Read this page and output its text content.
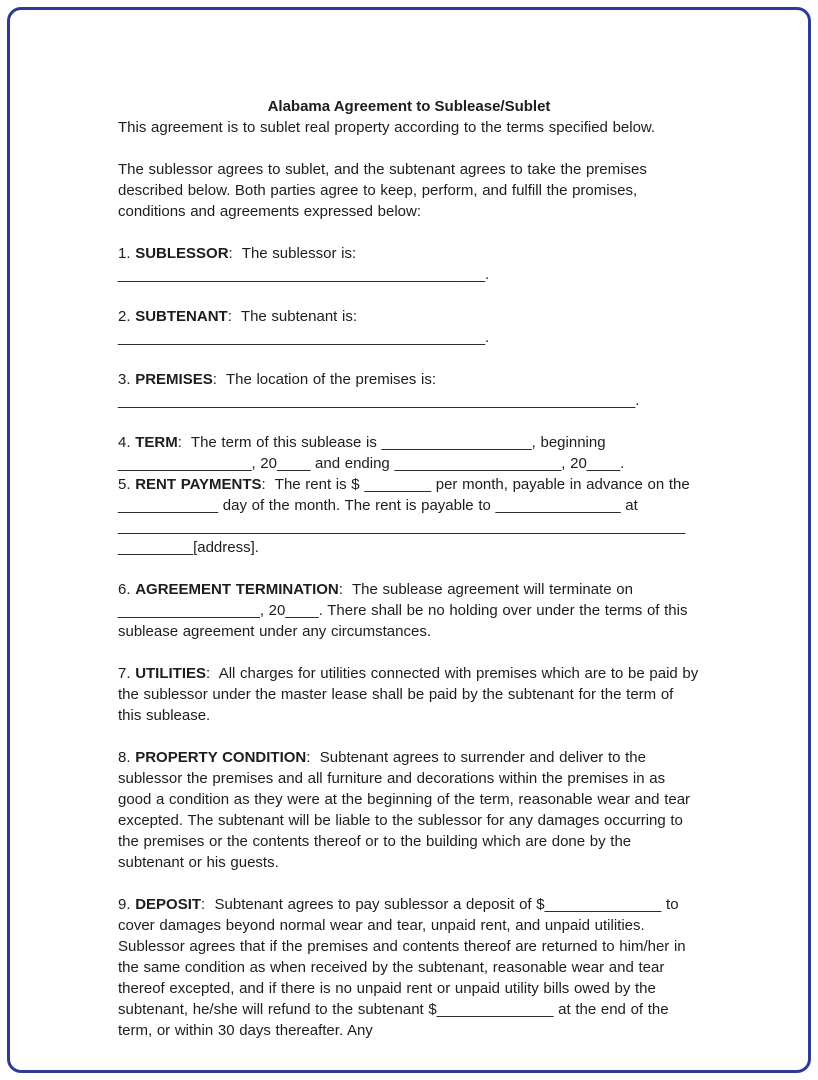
Alabama Agreement to Sublease/Sublet

This agreement is to sublet real property according to the terms specified below.

The sublessor agrees to sublet, and the subtenant agrees to take the premises described below. Both parties agree to keep, perform, and fulfill the promises, conditions and agreements expressed below:

1. SUBLESSOR:  The sublessor is: ____________________________________________.

2. SUBTENANT:  The subtenant is: ____________________________________________.

3. PREMISES:  The location of the premises is: ______________________________________________________________.

4. TERM:  The term of this sublease is __________________, beginning ________________, 20____ and ending ____________________, 20____.

5. RENT PAYMENTS:  The rent is $ ________ per month, payable in advance on the ____________ day of the month. The rent is payable to _______________ at ____________________________________________________________________ _________[address].

6. AGREEMENT TERMINATION:  The sublease agreement will terminate on _________________, 20____. There shall be no holding over under the terms of this sublease agreement under any circumstances.

7. UTILITIES:  All charges for utilities connected with premises which are to be paid by the sublessor under the master lease shall be paid by the subtenant for the term of this sublease.

8. PROPERTY CONDITION:  Subtenant agrees to surrender and deliver to the sublessor the premises and all furniture and decorations within the premises in as good a condition as they were at the beginning of the term, reasonable wear and tear excepted. The subtenant will be liable to the sublessor for any damages occurring to the premises or the contents thereof or to the building which are done by the subtenant or his guests.

9. DEPOSIT:  Subtenant agrees to pay sublessor a deposit of $______________ to cover damages beyond normal wear and tear, unpaid rent, and unpaid utilities. Sublessor agrees that if the premises and contents thereof are returned to him/her in the same condition as when received by the subtenant, reasonable wear and tear thereof excepted, and if there is no unpaid rent or unpaid utility bills owed by the subtenant, he/she will refund to the subtenant $______________ at the end of the term, or within 30 days thereafter. Any
